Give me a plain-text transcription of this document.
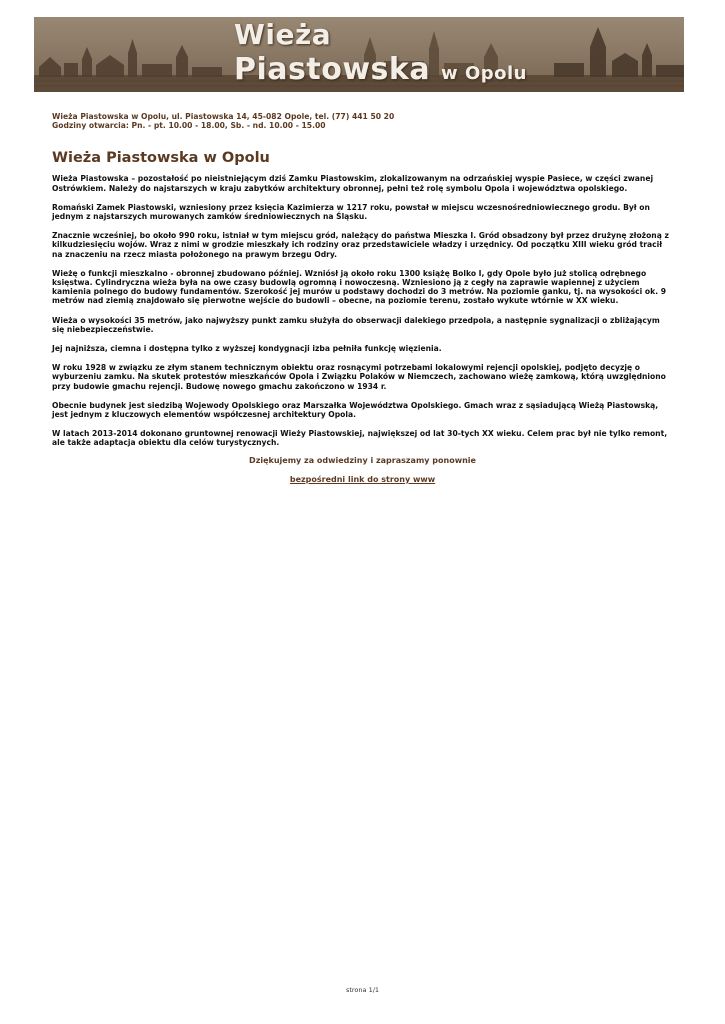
Wieża
Piastowska w Opolu

Wieża Piastowska w Opolu, ul. Piastowska 14, 45-082 Opole, tel. (77) 441 50 20

Godziny otwarcia: Pn. - pt. 10.00 - 18.00, Sb. - nd. 10.00 - 15.00

Wieża Piastowska w Opolu

Wieża Piastowska – pozostałość po nieistniejącym dziś Zamku Piastowskim, zlokalizowanym na odrzańskiej wyspie Pasiece, w części zwanej Ostrówkiem. Należy do najstarszych w kraju zabytków architektury obronnej, pełni też rolę symbolu Opola i województwa opolskiego.

Romański Zamek Piastowski, wzniesiony przez księcia Kazimierza w 1217 roku, powstał w miejscu wczesnośredniowiecznego grodu. Był on jednym z najstarszych murowanych zamków średniowiecznych na Śląsku.

Znacznie wcześniej, bo około 990 roku, istniał w tym miejscu gród, należący do państwa Mieszka I. Gród obsadzony był przez drużynę złożoną z kilkudziesięciu wojów. Wraz z nimi w grodzie mieszkały ich rodziny oraz przedstawiciele władzy i urzędnicy. Od początku XIII wieku gród tracił na znaczeniu na rzecz miasta położonego na prawym brzegu Odry.

Wieżę o funkcji mieszkalno - obronnej zbudowano później. Wzniósł ją około roku 1300 książę Bolko I, gdy Opole było już stolicą odrębnego księstwa. Cylindryczna wieża była na owe czasy budowlą ogromną i nowoczesną. Wzniesiono ją z cegły na zaprawie wapiennej z użyciem kamienia polnego do budowy fundamentów. Szerokość jej murów u podstawy dochodzi do 3 metrów. Na poziomie ganku, tj. na wysokości ok. 9 metrów nad ziemią znajdowało się pierwotne wejście do budowli – obecne, na poziomie terenu, zostało wykute wtórnie w XX wieku.

Wieża o wysokości 35 metrów, jako najwyższy punkt zamku służyła do obserwacji dalekiego przedpola, a następnie sygnalizacji o zbliżającym się niebezpieczeństwie.

Jej najniższa, ciemna i dostępna tylko z wyższej kondygnacji izba pełniła funkcję więzienia.

W roku 1928 w związku ze złym stanem technicznym obiektu oraz rosnącymi potrzebami lokalowymi rejencji opolskiej, podjęto decyzję o wyburzeniu zamku. Na skutek protestów mieszkańców Opola i Związku Polaków w Niemczech, zachowano wieżę zamkową, którą uwzględniono przy budowie gmachu rejencji. Budowę nowego gmachu zakończono w 1934 r.

Obecnie budynek jest siedzibą Wojewody Opolskiego oraz Marszałka Województwa Opolskiego. Gmach wraz z sąsiadującą Wieżą Piastowską, jest jednym z kluczowych elementów współczesnej architektury Opola.

W latach 2013-2014 dokonano gruntownej renowacji Wieży Piastowskiej, największej od lat 30-tych XX wieku. Celem prac był nie tylko remont, ale także adaptacja obiektu dla celów turystycznych.

Dziękujemy za odwiedziny i zapraszamy ponownie
bezpośredni link do strony www
strona 1/1
